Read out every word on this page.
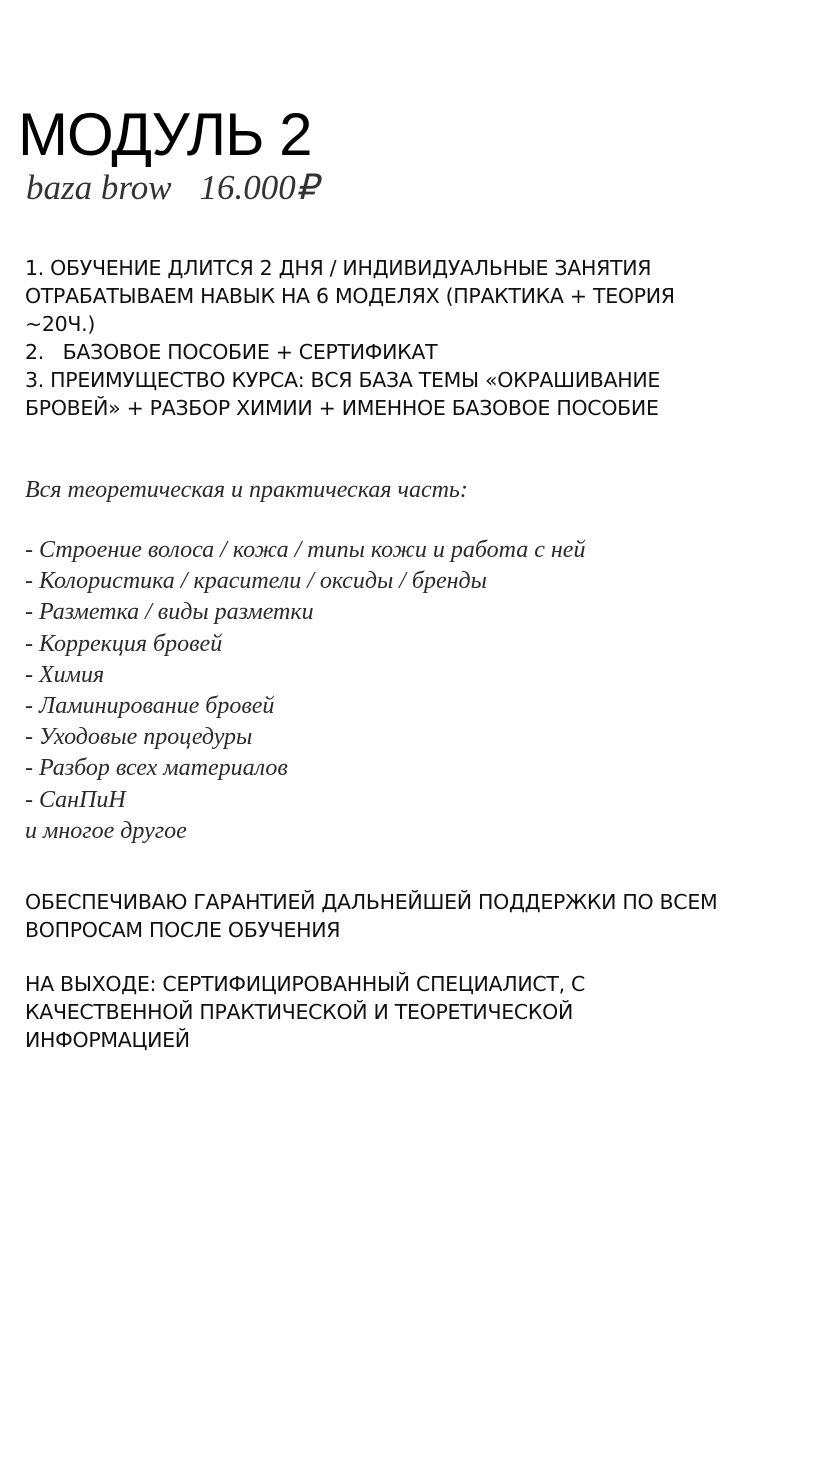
МОДУЛЬ 2
baza brow 16.000₽
1. ОБУЧЕНИЕ ДЛИТСЯ 2 ДНЯ / ИНДИВИДУАЛЬНЫЕ ЗАНЯТИЯ
ОТРАБАТЫВАЕМ НАВЫК НА 6 МОДЕЛЯХ (ПРАКТИКА + ТЕОРИЯ ~20Ч.)
2.   БАЗОВОЕ ПОСОБИЕ + СЕРТИФИКАТ
3. ПРЕИМУЩЕСТВО КУРСА: ВСЯ БАЗА ТЕМЫ «ОКРАШИВАНИЕ БРОВЕЙ» + РАЗБОР ХИМИИ + ИМЕННОЕ БАЗОВОЕ ПОСОБИЕ
Вся теоретическая и практическая часть:
- Строение волоса / кожа / типы кожи и работа с ней
- Колористика / красители / оксиды / бренды
- Разметка / виды разметки
- Коррекция бровей
- Химия
- Ламинирование бровей
- Уходовые процедуры
- Разбор всех материалов
- СанПиН
и многое другое
ОБЕСПЕЧИВАЮ ГАРАНТИЕЙ ДАЛЬНЕЙШЕЙ ПОДДЕРЖКИ ПО ВСЕМ ВОПРОСАМ ПОСЛЕ ОБУЧЕНИЯ
НА ВЫХОДЕ: СЕРТИФИЦИРОВАННЫЙ СПЕЦИАЛИСТ, С КАЧЕСТВЕННОЙ ПРАКТИЧЕСКОЙ И ТЕОРЕТИЧЕСКОЙ ИНФОРМАЦИЕЙ
